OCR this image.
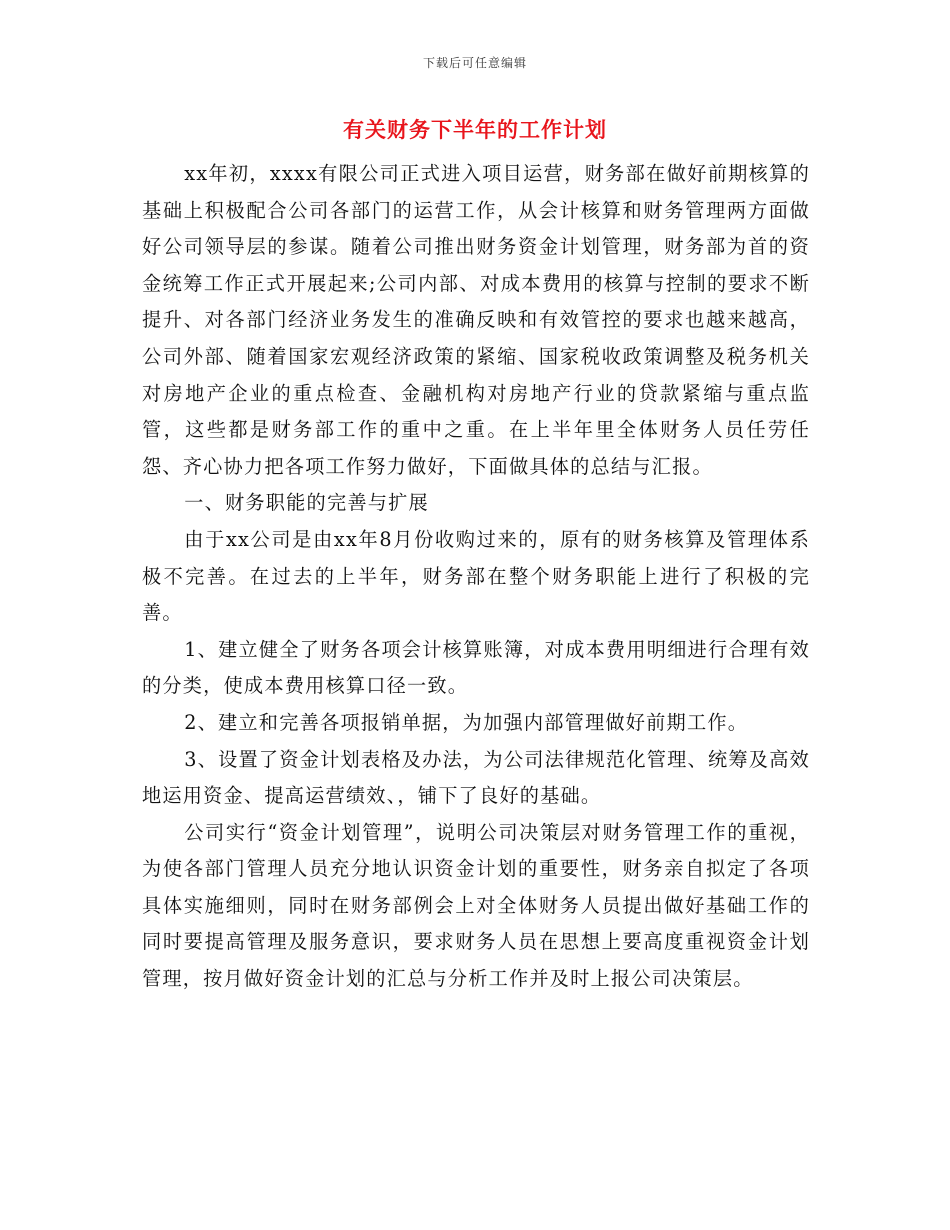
下载后可任意编辑
有关财务下半年的工作计划

xx年初，xxxx有限公司正式进入项目运营，财务部在做好前期核算的基础上积极配合公司各部门的运营工作，从会计核算和财务管理两方面做好公司领导层的参谋。随着公司推出财务资金计划管理，财务部为首的资金统筹工作正式开展起来;公司内部、对成本费用的核算与控制的要求不断提升、对各部门经济业务发生的准确反映和有效管控的要求也越来越高，公司外部、随着国家宏观经济政策的紧缩、国家税收政策调整及税务机关对房地产企业的重点检查、金融机构对房地产行业的贷款紧缩与重点监管，这些都是财务部工作的重中之重。在上半年里全体财务人员任劳任怨、齐心协力把各项工作努力做好，下面做具体的总结与汇报。

一、财务职能的完善与扩展

由于xx公司是由xx年8月份收购过来的，原有的财务核算及管理体系极不完善。在过去的上半年，财务部在整个财务职能上进行了积极的完善。

1、建立健全了财务各项会计核算账簿，对成本费用明细进行合理有效的分类，使成本费用核算口径一致。

2、建立和完善各项报销单据，为加强内部管理做好前期工作。

3、设置了资金计划表格及办法，为公司法律规范化管理、统筹及高效地运用资金、提高运营绩效、，铺下了良好的基础。

公司实行“资金计划管理”，说明公司决策层对财务管理工作的重视，为使各部门管理人员充分地认识资金计划的重要性，财务亲自拟定了各项具体实施细则，同时在财务部例会上对全体财务人员提出做好基础工作的同时要提高管理及服务意识，要求财务人员在思想上要高度重视资金计划管理，按月做好资金计划的汇总与分析工作并及时上报公司决策层。
